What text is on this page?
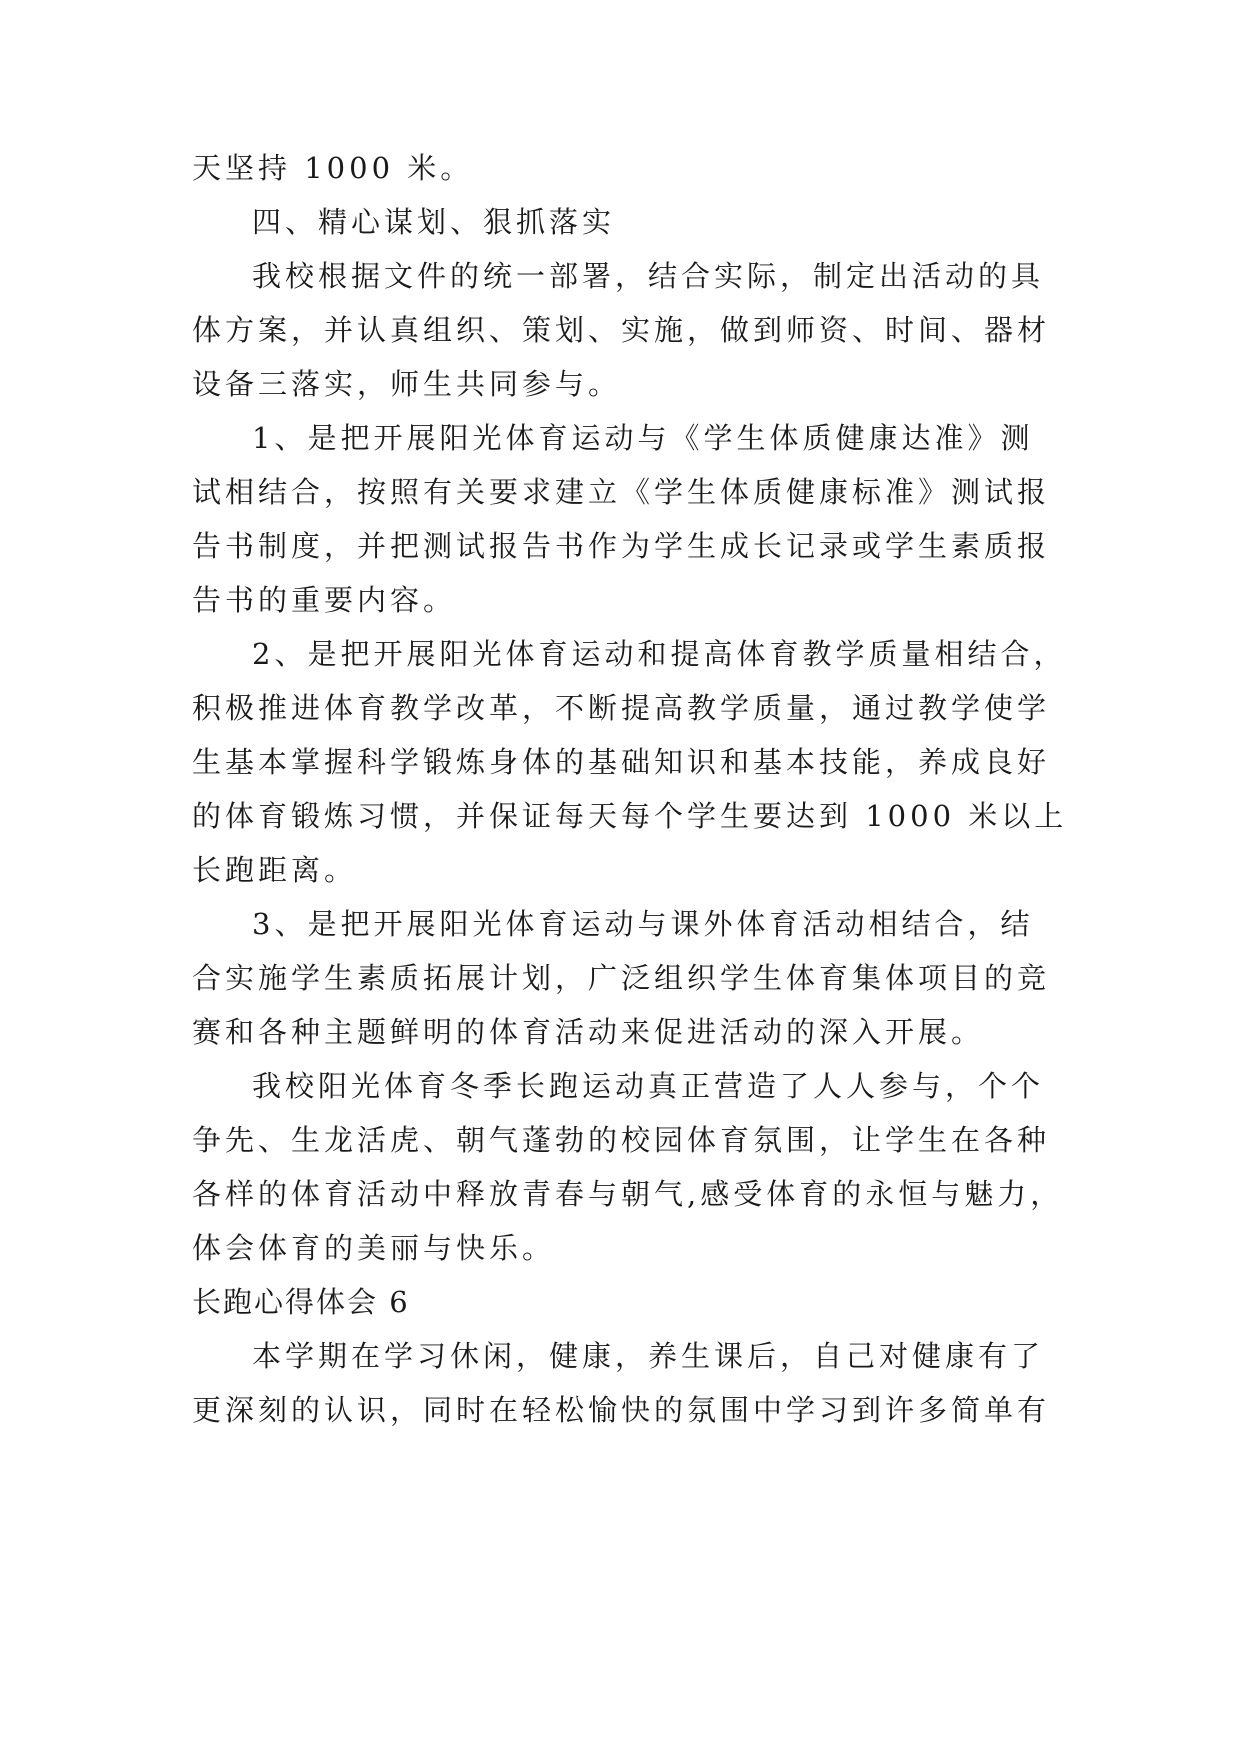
天坚持 1000 米。
四、精心谋划、狠抓落实
我校根据文件的统一部署，结合实际，制定出活动的具
体方案，并认真组织、策划、实施，做到师资、时间、器材
设备三落实，师生共同参与。
1、是把开展阳光体育运动与《学生体质健康达准》测
试相结合，按照有关要求建立《学生体质健康标准》测试报
告书制度，并把测试报告书作为学生成长记录或学生素质报
告书的重要内容。
2、是把开展阳光体育运动和提高体育教学质量相结合，
积极推进体育教学改革，不断提高教学质量，通过教学使学
生基本掌握科学锻炼身体的基础知识和基本技能，养成良好
的体育锻炼习惯，并保证每天每个学生要达到 1000 米以上
长跑距离。
3、是把开展阳光体育运动与课外体育活动相结合，结
合实施学生素质拓展计划，广泛组织学生体育集体项目的竞
赛和各种主题鲜明的体育活动来促进活动的深入开展。
我校阳光体育冬季长跑运动真正营造了人人参与，个个
争先、生龙活虎、朝气蓬勃的校园体育氛围，让学生在各种
各样的体育活动中释放青春与朝气,感受体育的永恒与魅力，
体会体育的美丽与快乐。
长跑心得体会 6
本学期在学习休闲，健康，养生课后，自己对健康有了
更深刻的认识，同时在轻松愉快的氛围中学习到许多简单有
